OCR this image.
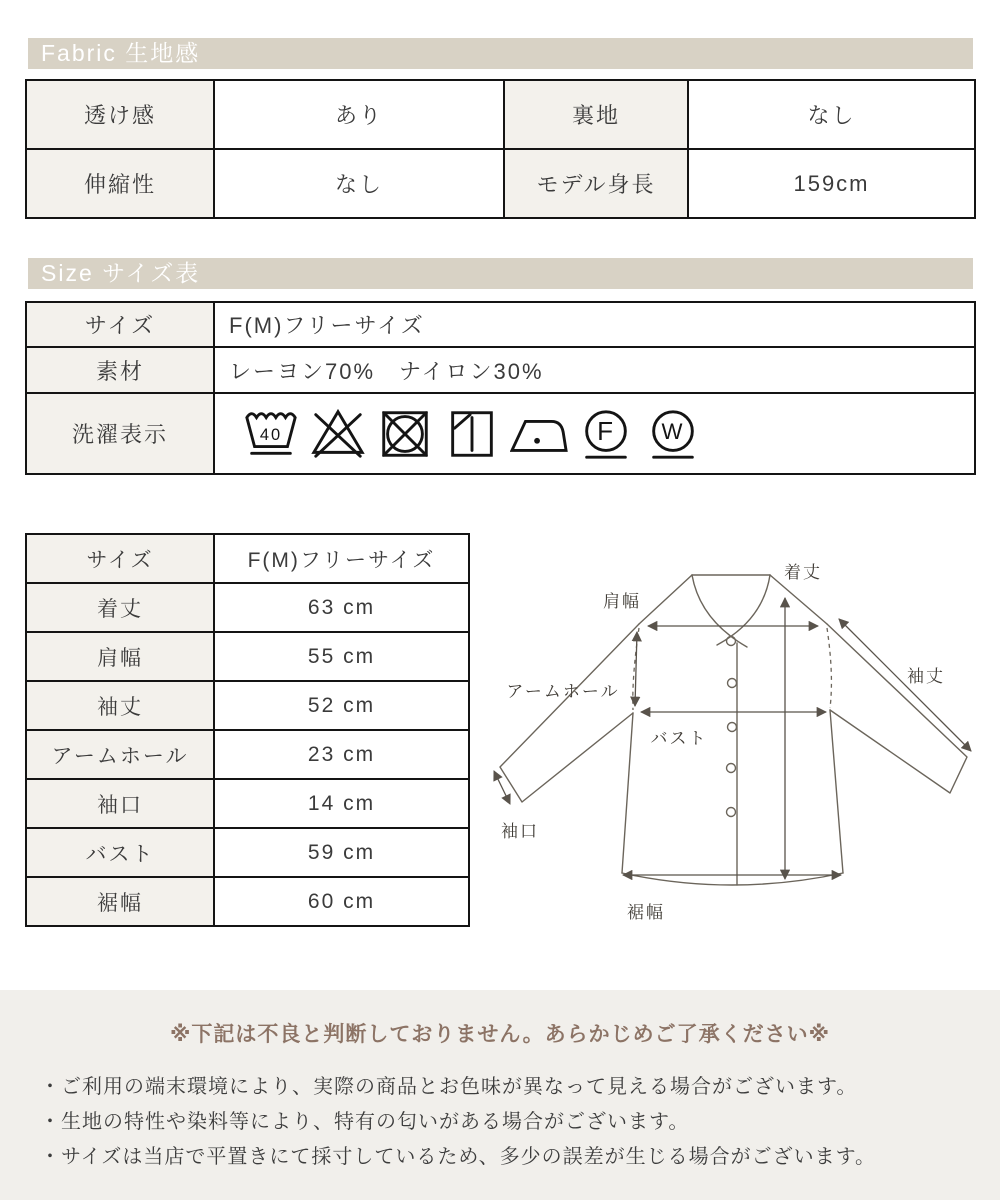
Fabric 生地感
透け感	あり	裏地	なし
伸縮性	なし	モデル身長	159cm
Size サイズ表
サイズ	F(M)フリーサイズ
素材	レーヨン70%　ナイロン30%
洗濯表示	40 F W
サイズ	F(M)フリーサイズ
着丈	63 cm
肩幅	55 cm
袖丈	52 cm
アームホール	23 cm
袖口	14 cm
バスト	59 cm
裾幅	60 cm
着丈
肩幅
袖丈
アームホール
バスト
袖口
裾幅
※下記は不良と判断しておりません。あらかじめご了承ください※
・ご利用の端末環境により、実際の商品とお色味が異なって見える場合がございます。
・生地の特性や染料等により、特有の匂いがある場合がございます。
・サイズは当店で平置きにて採寸しているため、多少の誤差が生じる場合がございます。
